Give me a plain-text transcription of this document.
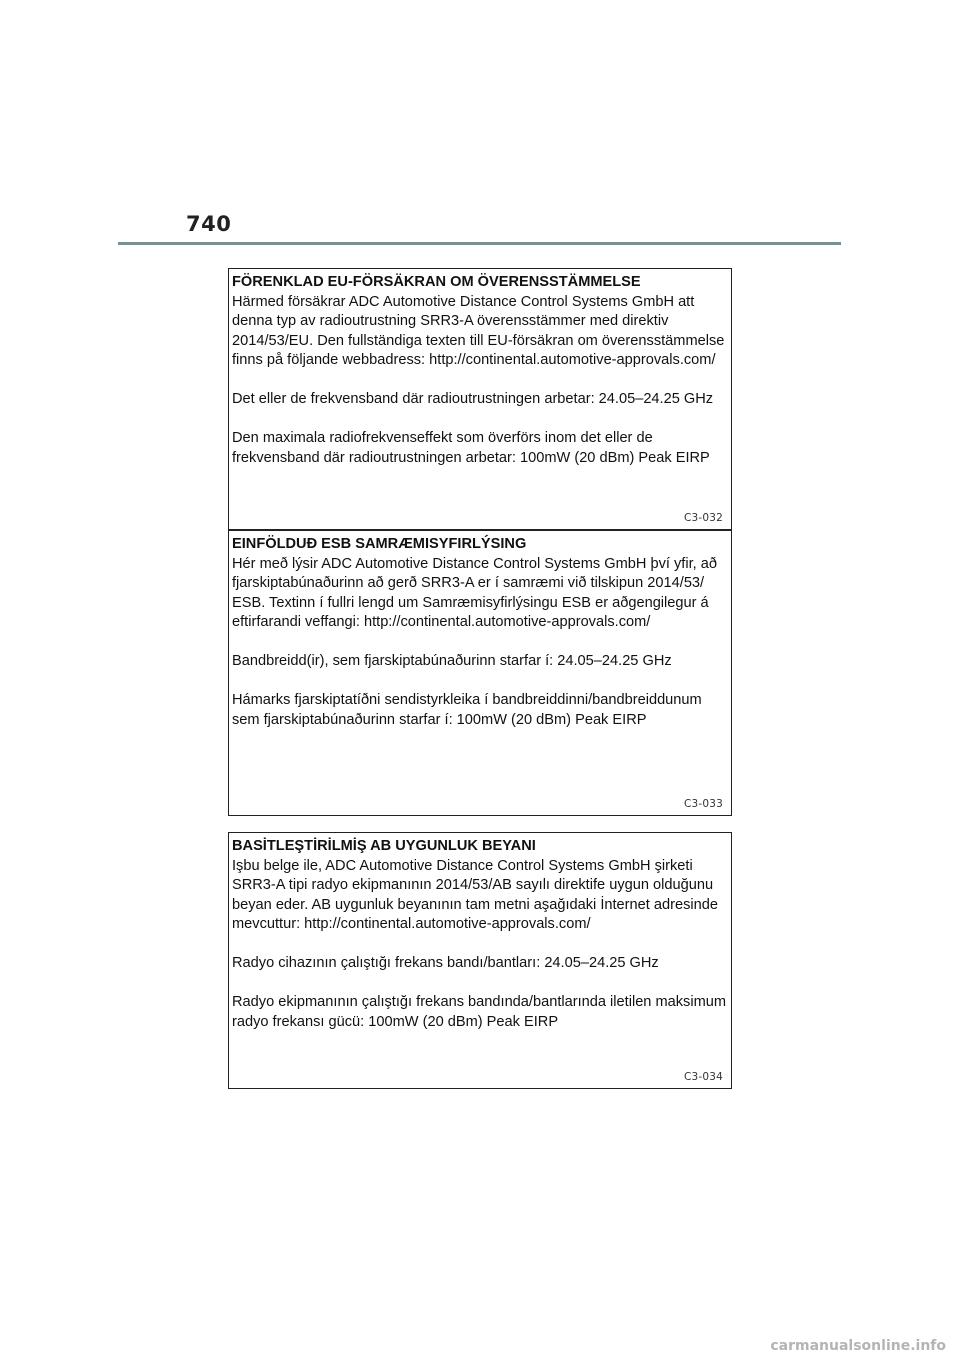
740

FÖRENKLAD EU-FÖRSÄKRAN OM ÖVERENSSTÄMMELSE

Härmed försäkrar ADC Automotive Distance Control Systems GmbH att denna typ av radioutrustning SRR3-A överensstämmer med direktiv 2014/53/EU. Den fullständiga texten till EU-försäkran om överensstämmelse finns på följande webbadress: http://continental.automotive-approvals.com/

Det eller de frekvensband där radioutrustningen arbetar: 24.05–24.25 GHz

Den maximala radiofrekvenseffekt som överförs inom det eller de frekvensband där radioutrustningen arbetar: 100mW (20 dBm) Peak EIRP

C3-032

EINFÖLDUÐ ESB SAMRÆMISYFIRLÝSING

Hér með lýsir ADC Automotive Distance Control Systems GmbH því yfir, að fjarskiptabúnaðurinn að gerð SRR3-A er í samræmi við tilskipun 2014/53/ ESB. Textinn í fullri lengd um Samræmisyfirlýsingu ESB er aðgengilegur á eftirfarandi veffangi: http://continental.automotive-approvals.com/

Bandbreidd(ir), sem fjarskiptabúnaðurinn starfar í: 24.05–24.25 GHz

Hámarks fjarskiptatíðni sendistyrkleika í bandbreiddinni/bandbreiddunum sem fjarskiptabúnaðurinn starfar í: 100mW (20 dBm) Peak EIRP

C3-033

BASİTLEŞTİRİLMİŞ AB UYGUNLUK BEYANI

Işbu belge ile, ADC Automotive Distance Control Systems GmbH şirketi SRR3-A tipi radyo ekipmanının 2014/53/AB sayılı direktife uygun olduğunu beyan eder. AB uygunluk beyanının tam metni aşağıdaki İnternet adresinde mevcuttur: http://continental.automotive-approvals.com/

Radyo cihazının çalıştığı frekans bandı/bantları: 24.05–24.25 GHz

Radyo ekipmanının çalıştığı frekans bandında/bantlarında iletilen maksimum radyo frekansı gücü: 100mW (20 dBm) Peak EIRP

C3-034
carmanualsonline.info
